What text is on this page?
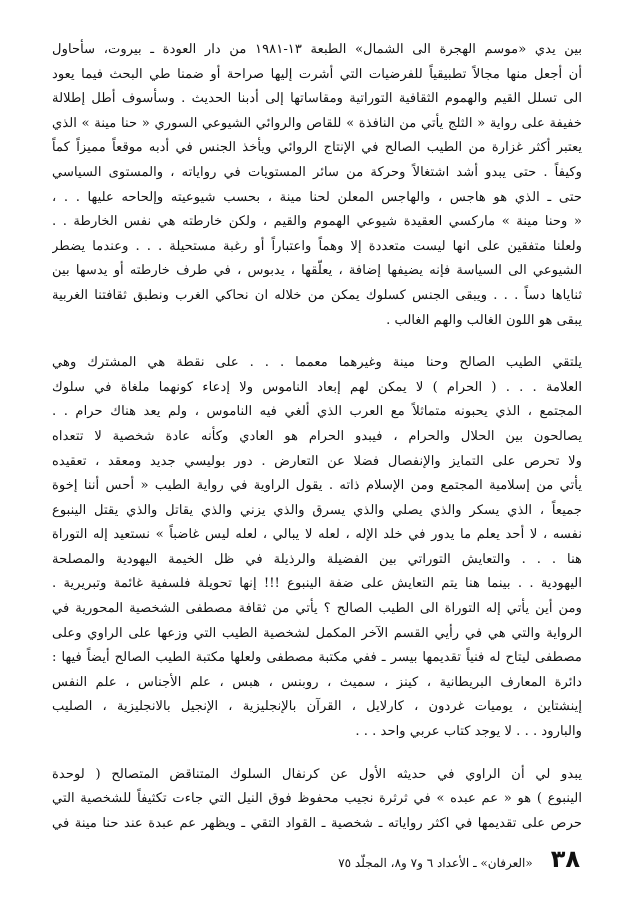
بين يدي «موسم الهجرة الى الشمال» الطبعة ١٣-١٩٨١ من دار العودة ـ بيروت، سأحاول
أن أجعل منها مجالاً تطبيقياً للفرضيات التي أشرت إليها صراحة أو ضمنا طي البحث فيما يعود
الى تسلل القيم والهموم الثقافية التوراتية ومقاساتها إلى أدبنا الحديث . وسأسوف أطل إطلالة
خفيفة على رواية « الثلج يأتي من النافذة » للقاص والروائي الشيوعي السوري « حنا مينة » الذي
يعتبر أكثر غزارة من الطيب الصالح في الإنتاج الروائي ويأخذ الجنس في أدبه موقعاً مميزاً كماً
وكيفاً . حتى يبدو أشد اشتغالاً وحركة من سائر المستويات في رواياته ، والمستوى السياسي
حتى ـ الذي هو هاجس ، والهاجس المعلن لحنا مينة ، بحسب شيوعيته وإلحاحه عليها . . ،
« وحنا مينة » ماركسي العقيدة شيوعي الهموم والقيم ، ولكن خارطته هي نفس الخارطة . .
ولعلنا متفقين على انها ليست متعددة إلا وهماً واعتباراً أو رغبة مستحيلة . . . وعندما يضطر
الشيوعي الى السياسة فإنه يضيفها إضافة ، يعلّقها ، يدبوس ، في طرف خارطته أو يدسها بين
ثناياها دساً . . . ويبقى الجنس كسلوك يمكن من خلاله ان نحاكي الغرب ونطبق ثقافتنا الغربية
يبقى هو اللون الغالب والهم الغالب .
يلتقي الطيب الصالح وحنا مينة وغيرهما معمما . . . على نقطة هي المشترك وهي
العلامة . . . ( الحرام ) لا يمكن لهم إبعاد الناموس ولا إدعاء كونهما ملغاة في سلوك
المجتمع ، الذي يحبونه متماثلاً مع العرب الذي ألغي فيه الناموس ، ولم يعد هناك حرام . .
يصالحون بين الحلال والحرام ، فيبدو الحرام هو العادي وكأنه عادة شخصية لا تتعداه
ولا تحرص على التمايز والإنفصال فضلا عن التعارض . دور بوليسي جديد ومعقد ، تعقيده
يأتي من إسلامية المجتمع ومن الإسلام ذاته . يقول الراوية في رواية الطيب « أحس أننا إخوة
جميعاً ، الذي يسكر والذي يصلي والذي يسرق والذي يزني والذي يقاتل والذي يقتل الينبوع
نفسه ، لا أحد يعلم ما يدور في خلد الإله ، لعله لا يبالي ، لعله ليس غاضباً » نستعيد إله التوراة
هنا . . . والتعايش التوراتي بين الفضيلة والرذيلة في ظل الخيمة اليهودية والمصلحة
اليهودية . . بينما هنا يتم التعايش على ضفة الينبوع !!! إنها تحويلة فلسفية غائمة وتبريرية .
ومن أين يأتي إله التوراة الى الطيب الصالح ؟ يأتي من ثقافة مصطفى الشخصية المحورية في
الرواية والتي هي في رأيي القسم الآخر المكمل لشخصية الطيب التي وزعها على الراوي وعلى
مصطفى ليتاح له فنياً تقديمها بيسر ـ ففي مكتبة مصطفى ولعلها مكتبة الطيب الصالح أيضاً فيها :
دائرة المعارف البريطانية ، كينز ، سميث ، روبنس ، هبس ، علم الأجناس ، علم النفس
إينشتاين ، يوميات غردون ، كارلايل ، القرآن بالإنجليزية ، الإنجيل بالانجليزية ، الصليب
والبارود . . . لا يوجد كتاب عربي واحد . . .
يبدو لي أن الراوي في حديثه الأول عن كرنفال السلوك المتناقض المتصالح ( لوحدة
الينبوع ) هو « عم عبده » في ثرثرة نجيب محفوظ فوق النيل التي جاءت تكثيفاً للشخصية التي
حرص على تقديمها في اكثر رواياته ـ شخصية ـ القواد التقي ـ ويظهر عم عبدة عند حنا مينة في
٣٨
«العرفان» ـ الأعداد ٦ و٧ و٨، المجلّد ٧٥
